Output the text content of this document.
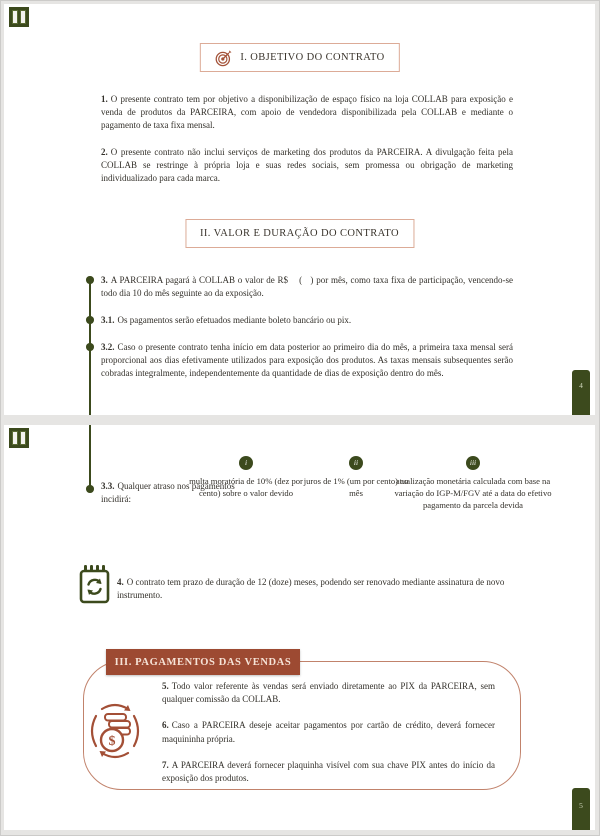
I. OBJETIVO DO CONTRATO

1. O presente contrato tem por objetivo a disponibilização de espaço físico na loja COLLAB para exposição e venda de produtos da PARCEIRA, com apoio de vendedora disponibilizada pela COLLAB e mediante o pagamento de taxa fixa mensal.

2. O presente contrato não inclui serviços de marketing dos produtos da PARCEIRA. A divulgação feita pela COLLAB se restringe à própria loja e suas redes sociais, sem promessa ou obrigação de marketing individualizado para cada marca.

II. VALOR E DURAÇÃO DO CONTRATO

3. A PARCEIRA pagará à COLLAB o valor de R$    (   ) por mês, como taxa fixa de participação, vencendo-se todo dia 10 do mês seguinte ao da exposição.

3.1. Os pagamentos serão efetuados mediante boleto bancário ou pix.

3.2. Caso o presente contrato tenha início em data posterior ao primeiro dia do mês, a primeira taxa mensal será proporcional aos dias efetivamente utilizados para exposição dos produtos. As taxas mensais subsequentes serão cobradas integralmente, independentemente da quantidade de dias de exposição dentro do mês.

4

3.3. Qualquer atraso nos pagamentos incidirá:

i
multa moratória de 10% (dez por cento) sobre o valor devido
ii
juros de 1% (um por cento) ao mês
iii
atualização monetária calculada com base na variação do IGP-M/FGV até a data do efetivo pagamento da parcela devida

4. O contrato tem prazo de duração de 12 (doze) meses, podendo ser renovado mediante assinatura de novo instrumento.

III. PAGAMENTOS DAS VENDAS
$

5. Todo valor referente às vendas será enviado diretamente ao PIX da PARCEIRA, sem qualquer comissão da COLLAB.

6. Caso a PARCEIRA deseje aceitar pagamentos por cartão de crédito, deverá fornecer maquininha própria.

7. A PARCEIRA deverá fornecer plaquinha visível com sua chave PIX antes do início da exposição dos produtos.

5
